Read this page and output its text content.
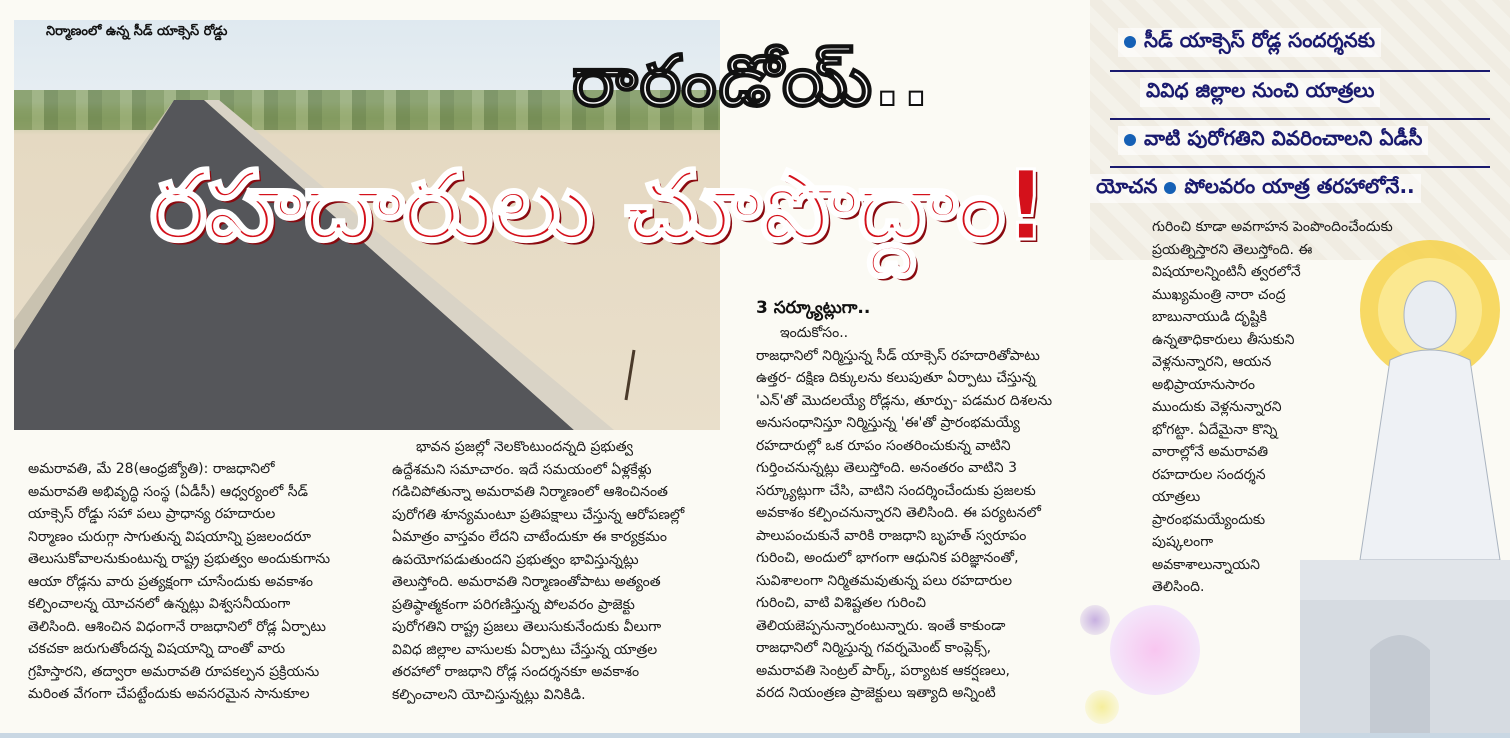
నిర్మాణంలో ఉన్న సీడ్ యాక్సెస్ రోడ్డు
రారండోయ్..
రహదారులు చూపొద్దాం!
సీడ్ యాక్సెస్ రోడ్ల సందర్శనకు
వివిధ జిల్లాల నుంచి యాత్రలు
వాటి పురోగతిని వివరించాలని ఏడీసీ
యోచన పోలవరం యాత్ర తరహాలోనే..

అమరావతి, మే 28(ఆంధ్రజ్యోతి): రాజధానిలో

అమరావతి అభివృద్ధి సంస్థ (ఏడీసీ) ఆధ్వర్యంలో సీడ్

యాక్సెస్ రోడ్డు సహా పలు ప్రాధాన్య రహదారుల

నిర్మాణం చురుగ్గా సాగుతున్న విషయాన్ని ప్రజలందరూ

తెలుసుకోవాలనుకుంటున్న రాష్ట్ర ప్రభుత్వం అందుకుగాను

ఆయా రోడ్లను వారు ప్రత్యక్షంగా చూసేందుకు అవకాశం

కల్పించాలన్న యోచనలో ఉన్నట్లు విశ్వసనీయంగా

తెలిసింది. ఆశించిన విధంగానే రాజధానిలో రోడ్ల ఏర్పాటు

చకచకా జరుగుతోందన్న విషయాన్ని దాంతో వారు

గ్రహిస్తారని, తద్వారా అమరావతి రూపకల్పన ప్రక్రియను

మరింత వేగంగా చేపట్టేందుకు అవసరమైన సానుకూల

భావన ప్రజల్లో నెలకొంటుందన్నది ప్రభుత్వ

ఉద్దేశమని సమాచారం. ఇదే సమయంలో ఏళ్లకేళ్లు

గడిచిపోతున్నా అమరావతి నిర్మాణంలో ఆశించినంత

పురోగతి శూన్యమంటూ ప్రతిపక్షాలు చేస్తున్న ఆరోపణల్లో

ఏమాత్రం వాస్తవం లేదని చాటేందుకూ ఈ కార్యక్రమం

ఉపయోగపడుతుందని ప్రభుత్వం భావిస్తున్నట్లు

తెలుస్తోంది. అమరావతి నిర్మాణంతోపాటు అత్యంత

ప్రతిష్ఠాత్మకంగా పరిగణిస్తున్న పోలవరం ప్రాజెక్టు

పురోగతిని రాష్ట్ర ప్రజలు తెలుసుకునేందుకు వీలుగా

వివిధ జిల్లాల వాసులకు ఏర్పాటు చేస్తున్న యాత్రల

తరహాలో రాజధాని రోడ్ల సందర్శనకూ అవకాశం

కల్పించాలని యోచిస్తున్నట్లు వినికిడి.

3 సర్క్యూట్లుగా..

ఇందుకోసం..

రాజధానిలో నిర్మిస్తున్న సీడ్ యాక్సెస్ రహదారితోపాటు

ఉత్తర- దక్షిణ దిక్కులను కలుపుతూ ఏర్పాటు చేస్తున్న

'ఎన్'తో మొదలయ్యే రోడ్లను, తూర్పు- పడమర దిశలను

అనుసంధానిస్తూ నిర్మిస్తున్న 'ఈ'తో ప్రారంభమయ్యే

రహదారుల్లో ఒక రూపం సంతరించుకున్న వాటిని

గుర్తించనున్నట్లు తెలుస్తోంది. అనంతరం వాటిని 3

సర్క్యూట్లుగా చేసి, వాటిని సందర్శించేందుకు ప్రజలకు

అవకాశం కల్పించనున్నారని తెలిసింది. ఈ పర్యటనలో

పాలుపంచుకునే వారికి రాజధాని బృహత్ స్వరూపం

గురించి, అందులో భాగంగా ఆధునిక పరిజ్ఞానంతో,

సువిశాలంగా నిర్మితమవుతున్న పలు రహదారుల

గురించి, వాటి విశిష్టతల గురించి

తెలియజెప్పనున్నారంటున్నారు. ఇంతే కాకుండా

రాజధానిలో నిర్మిస్తున్న గవర్నమెంట్ కాంప్లెక్స్,

అమరావతి సెంట్రల్ పార్క్, పర్యాటక ఆకర్షణలు,

వరద నియంత్రణ ప్రాజెక్టులు ఇత్యాది అన్నింటి

గురించి కూడా అవగాహన పెంపొందించేందుకు

ప్రయత్నిస్తారని తెలుస్తోంది. ఈ

విషయాలన్నింటినీ త్వరలోనే

ముఖ్యమంత్రి నారా చంద్ర

బాబునాయుడి దృష్టికి

ఉన్నతాధికారులు తీసుకుని

వెళ్లనున్నారని, ఆయన

అభిప్రాయానుసారం

ముందుకు వెళ్లనున్నారని

భోగట్టా. ఏదేమైనా కొన్ని

వారాల్లోనే అమరావతి

రహదారుల సందర్శన

యాత్రలు

ప్రారంభమయ్యేందుకు

పుష్కలంగా

అవకాశాలున్నాయని

తెలిసింది.
